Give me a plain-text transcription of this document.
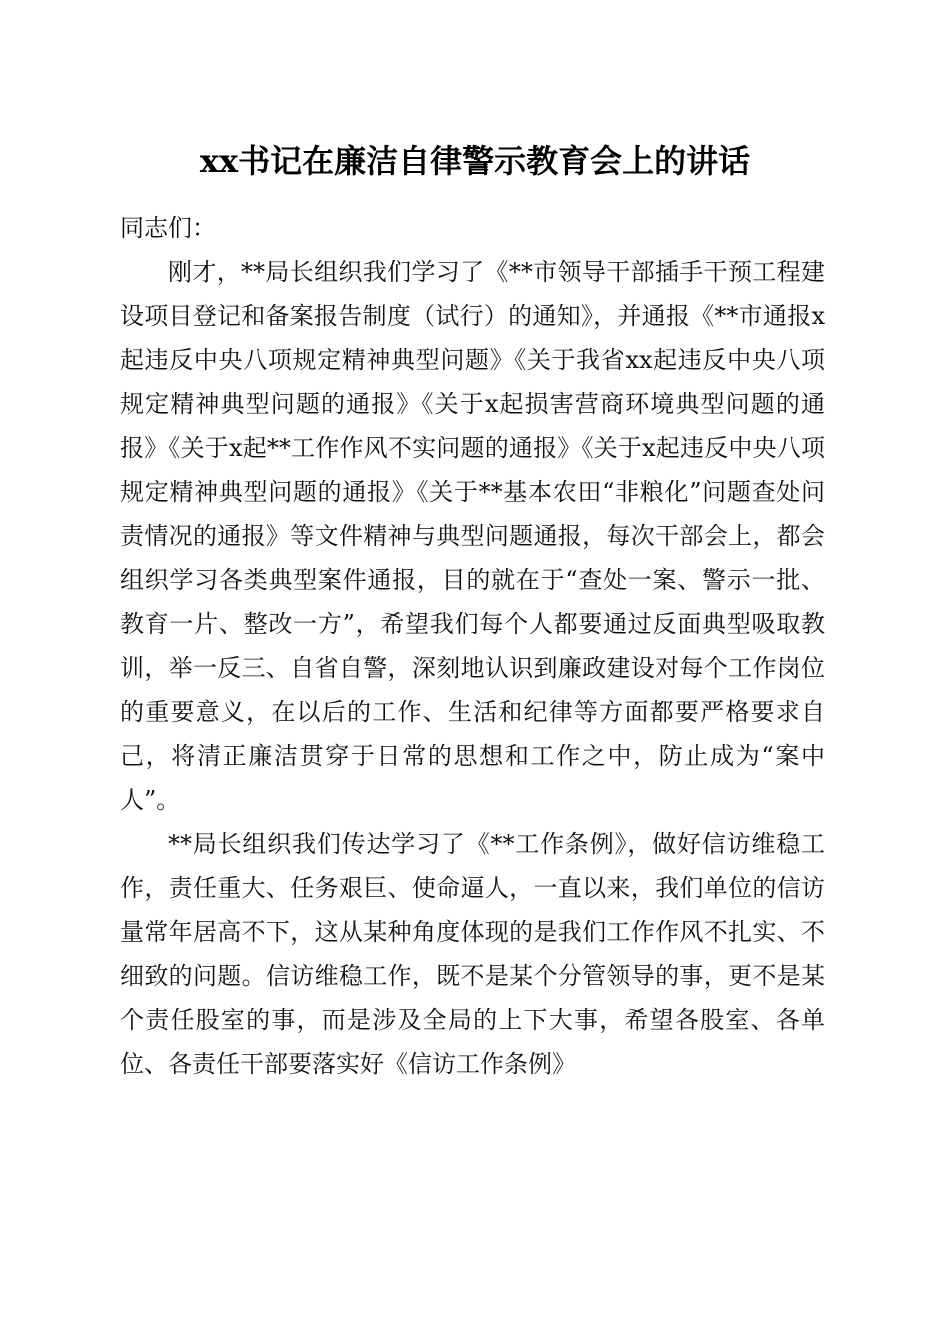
xx书记在廉洁自律警示教育会上的讲话

同志们：

刚才，**局长组织我们学习了《**市领导干部插手干预工程建设项目登记和备案报告制度（试行）的通知》，并通报《**市通报x起违反中央八项规定精神典型问题》《关于我省xx起违反中央八项规定精神典型问题的通报》《关于x起损害营商环境典型问题的通报》《关于x起**工作作风不实问题的通报》《关于x起违反中央八项规定精神典型问题的通报》《关于**基本农田“非粮化”问题查处问责情况的通报》等文件精神与典型问题通报，每次干部会上，都会组织学习各类典型案件通报，目的就在于“查处一案、警示一批、教育一片、整改一方”，希望我们每个人都要通过反面典型吸取教训，举一反三、自省自警，深刻地认识到廉政建设对每个工作岗位的重要意义，在以后的工作、生活和纪律等方面都要严格要求自己，将清正廉洁贯穿于日常的思想和工作之中，防止成为“案中人”。

**局长组织我们传达学习了《**工作条例》，做好信访维稳工作，责任重大、任务艰巨、使命逼人，一直以来，我们单位的信访量常年居高不下，这从某种角度体现的是我们工作作风不扎实、不细致的问题。信访维稳工作，既不是某个分管领导的事，更不是某个责任股室的事，而是涉及全局的上下大事，希望各股室、各单位、各责任干部要落实好《信访工作条例》
